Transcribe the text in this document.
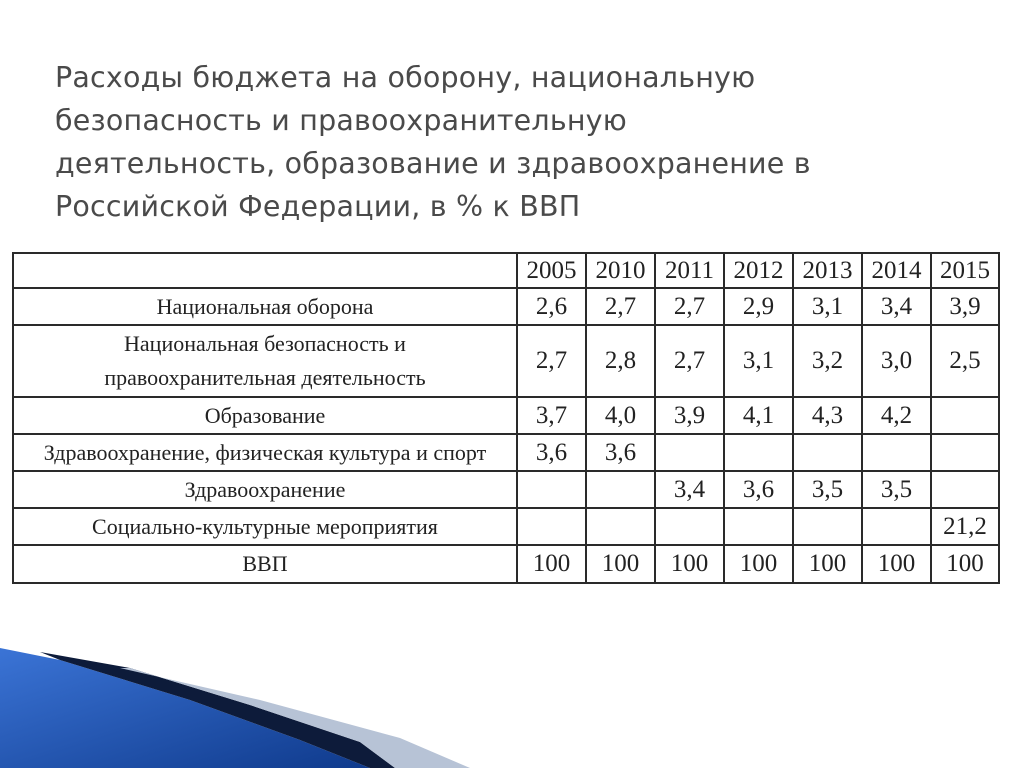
Расходы бюджета на оборону, национальную
безопасность и правоохранительную
деятельность, образование и здравоохранение в
Российской Федерации, в % к ВВП
	2005	2010	2011	2012	2013	2014	2015
Национальная оборона	2,6	2,7	2,7	2,9	3,1	3,4	3,9
Национальная безопасность и
правоохранительная деятельность	2,7	2,8	2,7	3,1	3,2	3,0	2,5
Образование	3,7	4,0	3,9	4,1	4,3	4,2	
Здравоохранение, физическая культура и спорт	3,6	3,6					
Здравоохранение			3,4	3,6	3,5	3,5	
Социально-культурные мероприятия							21,2
ВВП	100	100	100	100	100	100	100
